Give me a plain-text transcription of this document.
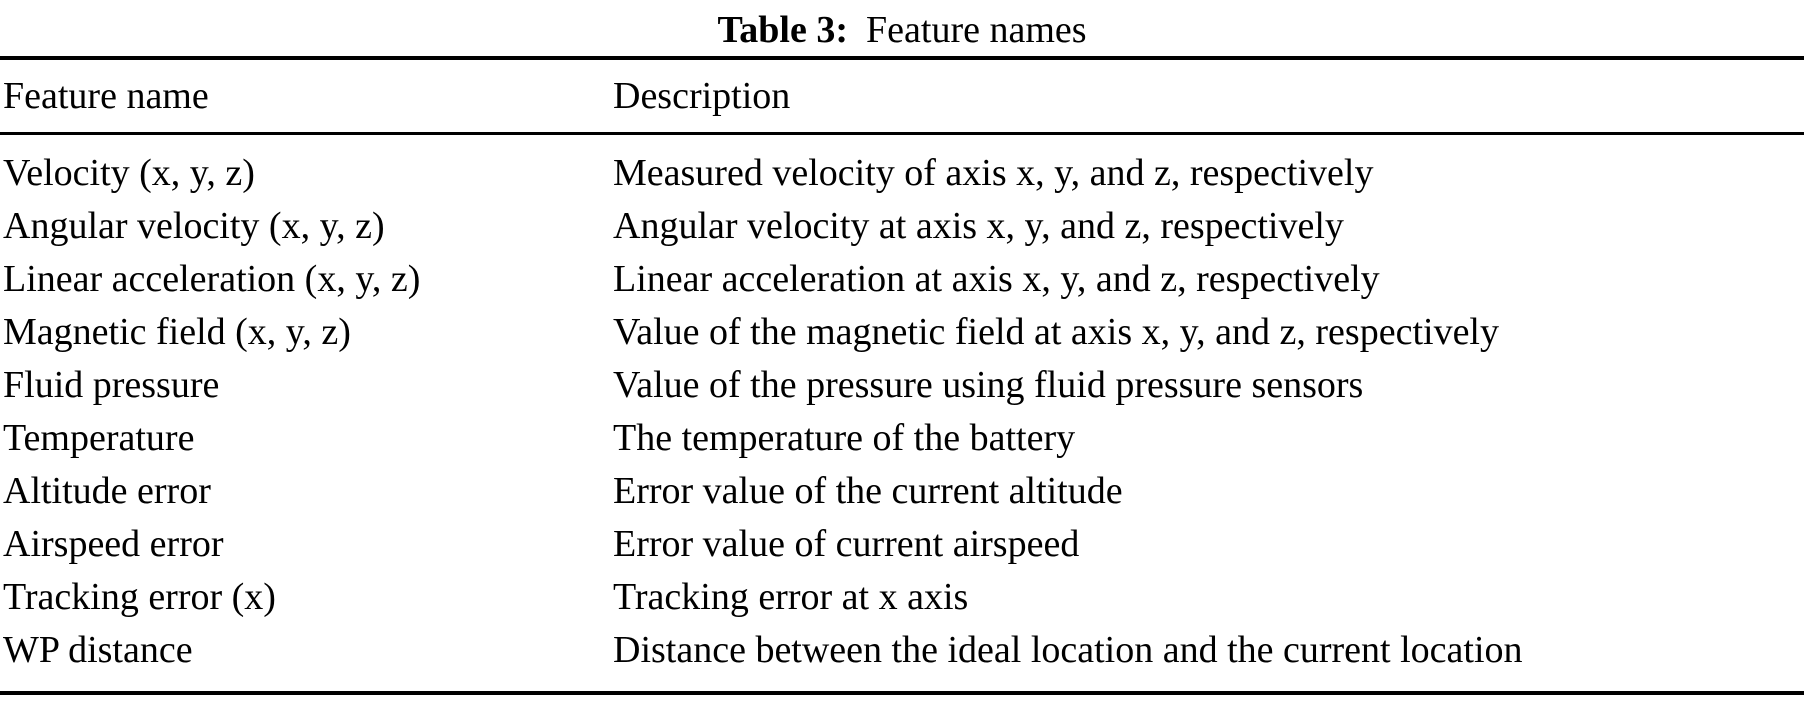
Table 3: Feature names
Feature name	Description
Velocity (x, y, z)	Measured velocity of axis x, y, and z, respectively
Angular velocity (x, y, z)	Angular velocity at axis x, y, and z, respectively
Linear acceleration (x, y, z)	Linear acceleration at axis x, y, and z, respectively
Magnetic field (x, y, z)	Value of the magnetic field at axis x, y, and z, respectively
Fluid pressure	Value of the pressure using fluid pressure sensors
Temperature	The temperature of the battery
Altitude error	Error value of the current altitude
Airspeed error	Error value of current airspeed
Tracking error (x)	Tracking error at x axis
WP distance	Distance between the ideal location and the current location
